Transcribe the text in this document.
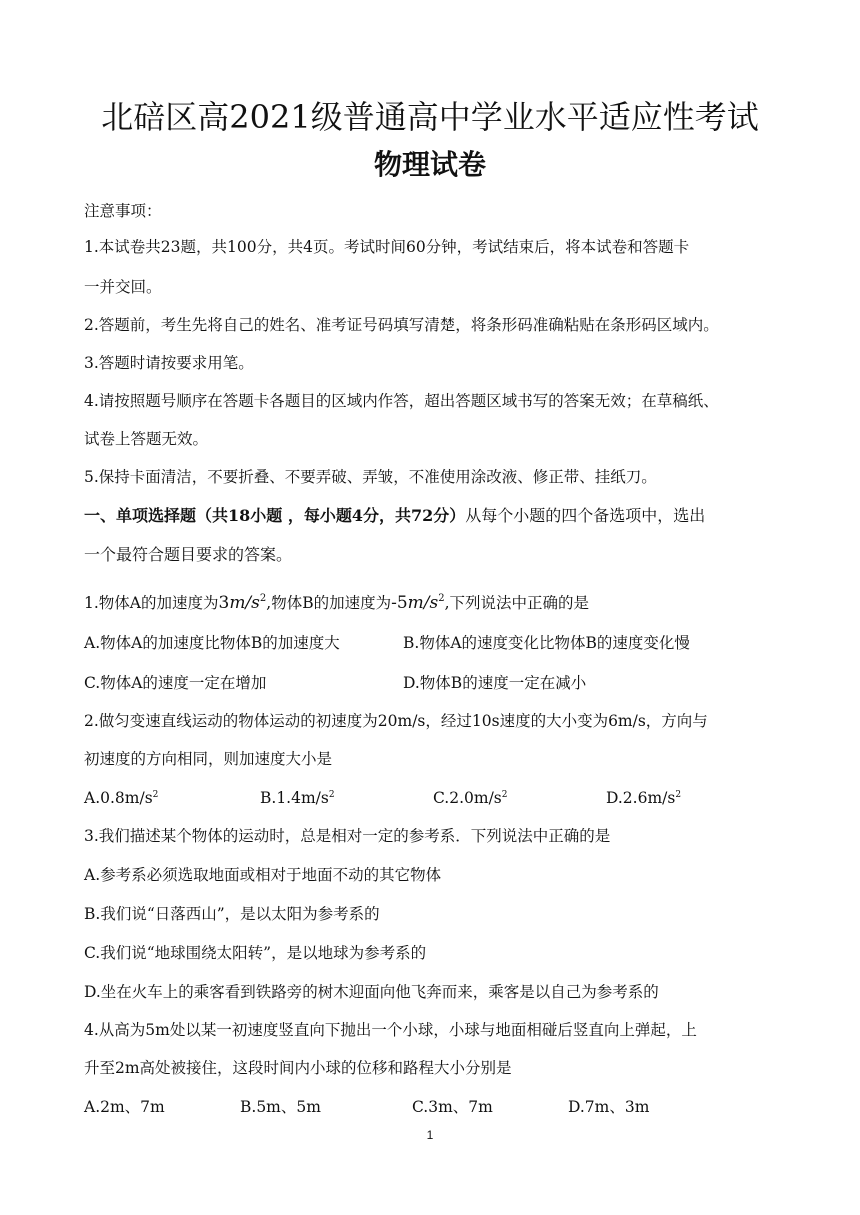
北碚区高2021级普通高中学业水平适应性考试
物理试卷
注意事项：
1.本试卷共23题，共100分，共4页。考试时间60分钟，考试结束后，将本试卷和答题卡
一并交回。
2.答题前，考生先将自己的姓名、准考证号码填写清楚，将条形码准确粘贴在条形码区域内。
3.答题时请按要求用笔。
4.请按照题号顺序在答题卡各题目的区域内作答，超出答题区域书写的答案无效；在草稿纸、
试卷上答题无效。
5.保持卡面清洁，不要折叠、不要弄破、弄皱，不准使用涂改液、修正带、挂纸刀。
一、单项选择题（共18小题 ，每小题4分，共72分）从每个小题的四个备选项中，选出
一个最符合题目要求的答案。
1.物体A的加速度为$3m/s^2$,物体B的加速度为$-5m/s^2$,下列说法中正确的是
A.物体A的加速度比物体B的加速度大	B.物体A的速度变化比物体B的速度变化慢
C.物体A的速度一定在增加	D.物体B的速度一定在减小
2.做匀变速直线运动的物体运动的初速度为20m/s，经过10s速度的大小变为6m/s，方向与
初速度的方向相同，则加速度大小是
$A.0.8m/s^2$	$B.1.4m/s^2$	$C.2.0m/s^2$	$D.2.6m/s^2$
3.我们描述某个物体的运动时，总是相对一定的参考系．下列说法中正确的是
A.参考系必须选取地面或相对于地面不动的其它物体
B.我们说“日落西山”，是以太阳为参考系的
C.我们说“地球围绕太阳转”，是以地球为参考系的
D.坐在火车上的乘客看到铁路旁的树木迎面向他飞奔而来，乘客是以自己为参考系的
4.从高为5m处以某一初速度竖直向下抛出一个小球，小球与地面相碰后竖直向上弹起，上
升至2m高处被接住，这段时间内小球的位移和路程大小分别是
A.2m、7m	B.5m、5m	C.3m、7m	D.7m、3m
1
